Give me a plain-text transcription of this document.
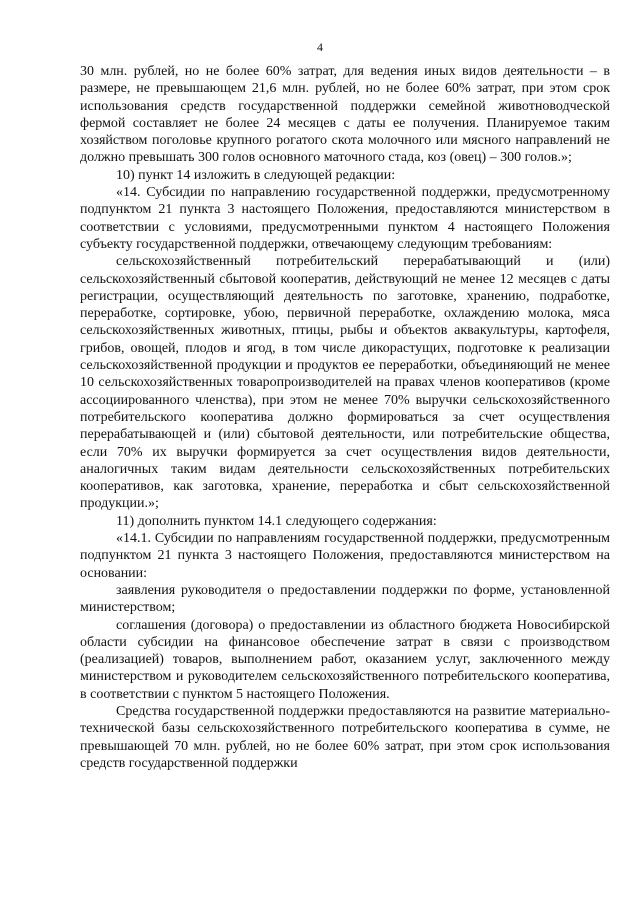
4

30 млн. рублей, но не более 60% затрат, для ведения иных видов деятельности – в размере, не превышающем 21,6 млн. рублей, но не более 60% затрат, при этом срок использования средств государственной поддержки семейной животноводческой фермой составляет не более 24 месяцев с даты ее получения. Планируемое таким хозяйством поголовье крупного рогатого скота молочного или мясного направлений не должно превышать 300 голов основного маточного стада, коз (овец) – 300 голов.»;

10) пункт 14 изложить в следующей редакции:

«14. Субсидии по направлению государственной поддержки, предусмотренному подпунктом 21 пункта 3 настоящего Положения, предоставляются министерством в соответствии с условиями, предусмотренными пунктом 4 настоящего Положения субъекту государственной поддержки, отвечающему следующим требованиям:

сельскохозяйственный потребительский перерабатывающий и (или) сельскохозяйственный сбытовой кооператив, действующий не менее 12 месяцев с даты регистрации, осуществляющий деятельность по заготовке, хранению, подработке, переработке, сортировке, убою, первичной переработке, охлаждению молока, мяса сельскохозяйственных животных, птицы, рыбы и объектов аквакультуры, картофеля, грибов, овощей, плодов и ягод, в том числе дикорастущих, подготовке к реализации сельскохозяйственной продукции и продуктов ее переработки, объединяющий не менее 10 сельскохозяйственных товаропроизводителей на правах членов кооперативов (кроме ассоциированного членства), при этом не менее 70% выручки сельскохозяйственного потребительского кооператива должно формироваться за счет осуществления перерабатывающей и (или) сбытовой деятельности, или потребительские общества, если 70% их выручки формируется за счет осуществления видов деятельности, аналогичных таким видам деятельности сельскохозяйственных потребительских кооперативов, как заготовка, хранение, переработка и сбыт сельскохозяйственной продукции.»;

11) дополнить пунктом 14.1 следующего содержания:

«14.1. Субсидии по направлениям государственной поддержки, предусмотренным подпунктом 21 пункта 3 настоящего Положения, предоставляются министерством на основании:

заявления руководителя о предоставлении поддержки по форме, установленной министерством;

соглашения (договора) о предоставлении из областного бюджета Новосибирской области субсидии на финансовое обеспечение затрат в связи с производством (реализацией) товаров, выполнением работ, оказанием услуг, заключенного между министерством и руководителем сельскохозяйственного потребительского кооператива, в соответствии с пунктом 5 настоящего Положения.

Средства государственной поддержки предоставляются на развитие материально-технической базы сельскохозяйственного потребительского кооператива в сумме, не превышающей 70 млн. рублей, но не более 60% затрат, при этом срок использования средств государственной поддержки
